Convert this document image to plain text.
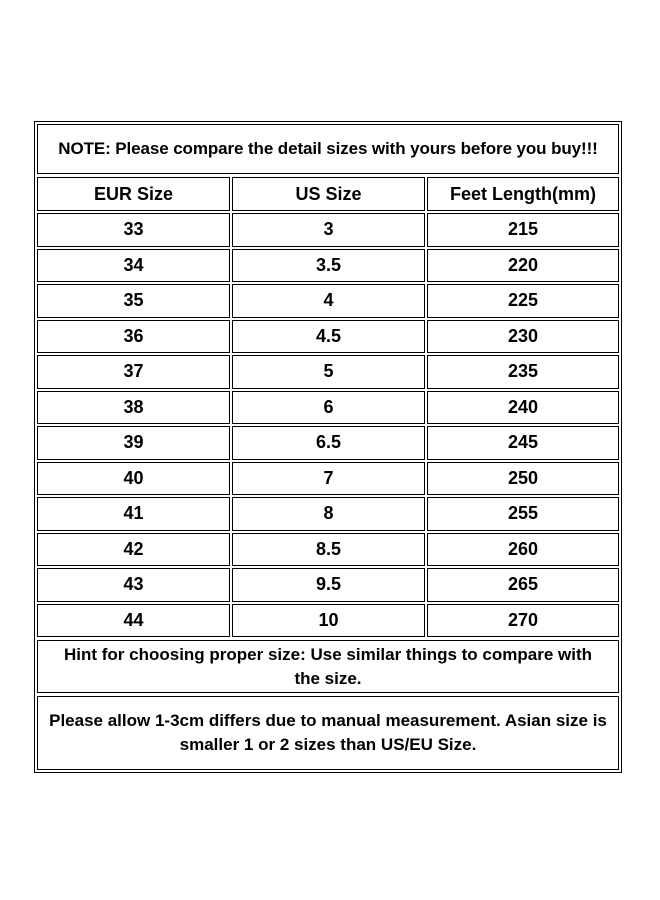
NOTE: Please compare the detail sizes with yours before you buy!!!
EUR Size	US Size	Feet Length(mm)
33	3	215
34	3.5	220
35	4	225
36	4.5	230
37	5	235
38	6	240
39	6.5	245
40	7	250
41	8	255
42	8.5	260
43	9.5	265
44	10	270
Hint for choosing proper size: Use similar things to compare with the size.
Please allow 1-3cm differs due to manual measurement. Asian size is smaller 1 or 2 sizes than US/EU Size.
